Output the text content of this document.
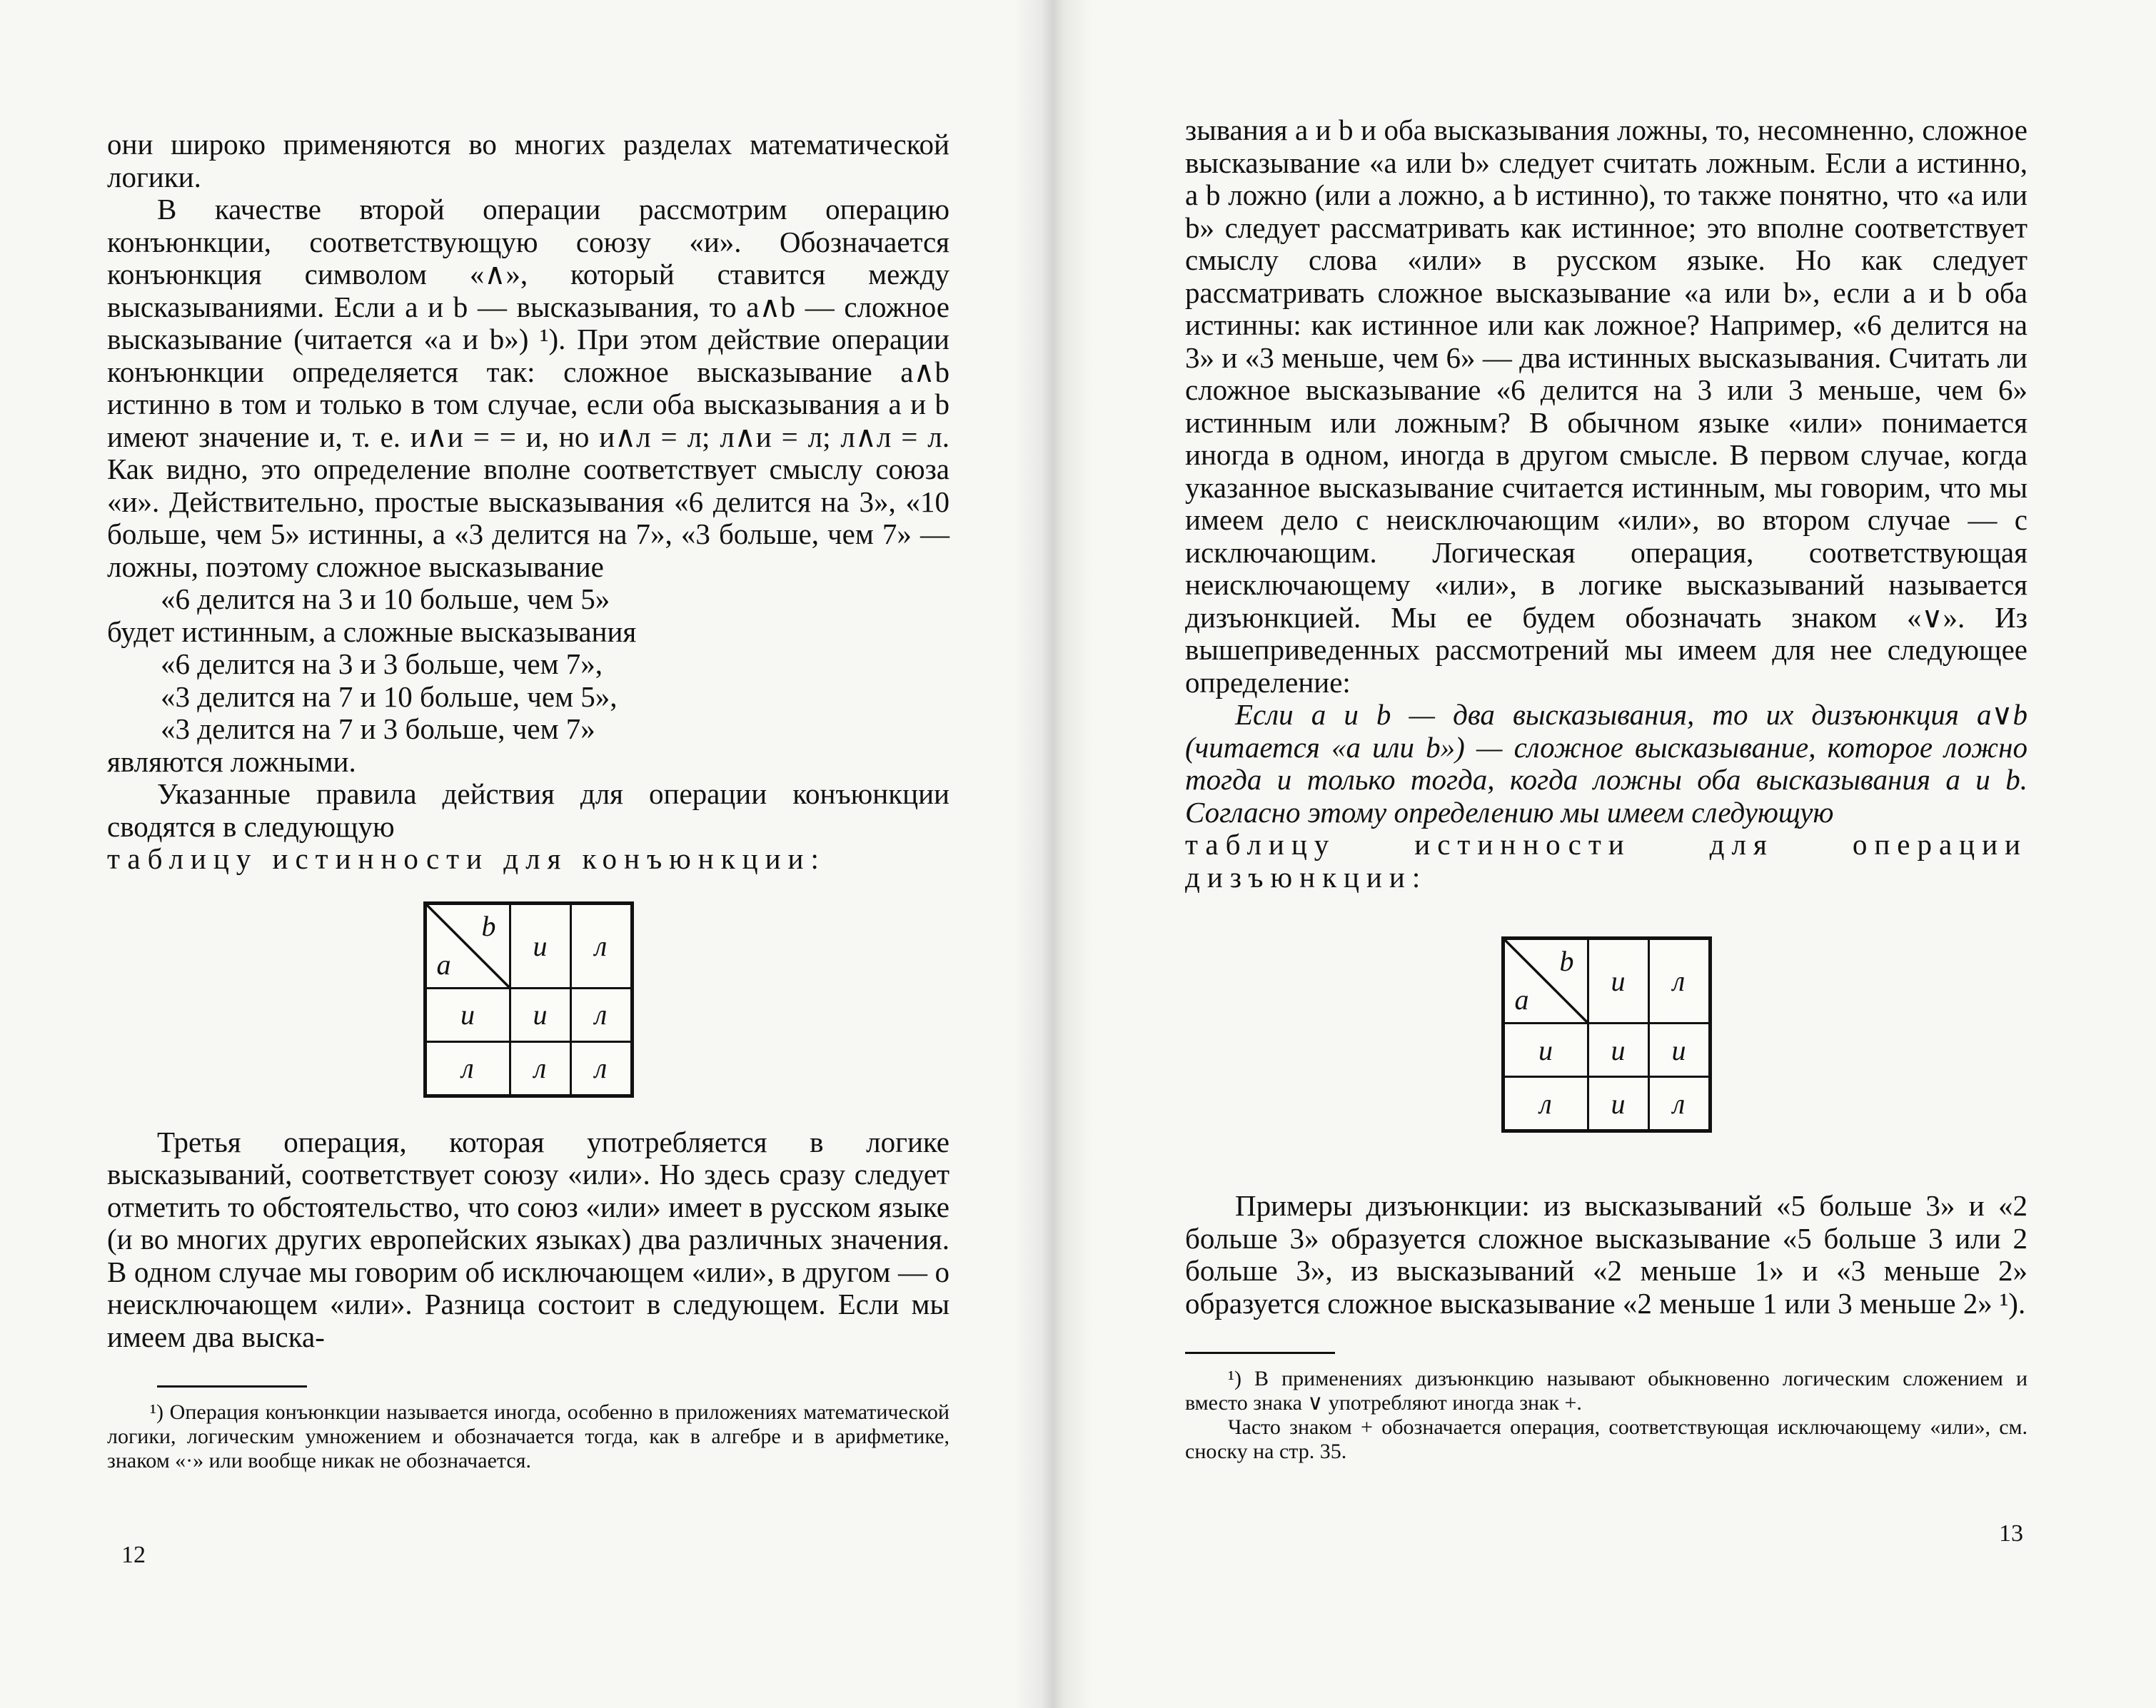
они широко применяются во многих разделах математической логики.

В качестве второй операции рассмотрим операцию конъюнкции, соответствующую союзу «и». Обозначается конъюнкция символом «∧», который ставится между высказываниями. Если a и b — высказывания, то a∧b — сложное высказывание (читается «a и b») ¹). При этом действие операции конъюнкции определяется так: сложное высказывание a∧b истинно в том и только в том случае, если оба высказывания a и b имеют значение и, т. е. и∧и = = и, но и∧л = л; л∧и = л; л∧л = л. Как видно, это определение вполне соответствует смыслу союза «и». Действительно, простые высказывания «6 делится на 3», «10 больше, чем 5» истинны, а «3 делится на 7», «3 больше, чем 7» — ложны, поэтому сложное высказывание

«6 делится на 3 и 10 больше, чем 5»

будет истинным, а сложные высказывания

«6 делится на 3 и 3 больше, чем 7»,

«3 делится на 7 и 10 больше, чем 5»,

«3 делится на 7 и 3 больше, чем 7»

являются ложными.

Указанные правила действия для операции конъюнкции сводятся в следующую

таблицу истинности для конъюнкции:

b
a	и	л
и	и	л
л	л	л

Третья операция, которая употребляется в логике высказываний, соответствует союзу «или». Но здесь сразу следует отметить то обстоятельство, что союз «или» имеет в русском языке (и во многих других европейских языках) два различных значения. В одном случае мы говорим об исключающем «или», в другом — о неисключающем «или». Разница состоит в следующем. Если мы имеем два выска-

¹) Операция конъюнкции называется иногда, особенно в приложениях математической логики, логическим умножением и обозначается тогда, как в алгебре и в арифметике, знаком «·» или вообще никак не обозначается.

12

зывания a и b и оба высказывания ложны, то, несомненно, сложное высказывание «a или b» следует считать ложным. Если a истинно, а b ложно (или a ложно, а b истинно), то также понятно, что «a или b» следует рассматривать как истинное; это вполне соответствует смыслу слова «или» в русском языке. Но как следует рассматривать сложное высказывание «a или b», если a и b оба истинны: как истинное или как ложное? Например, «6 делится на 3» и «3 меньше, чем 6» — два истинных высказывания. Считать ли сложное высказывание «6 делится на 3 или 3 меньше, чем 6» истинным или ложным? В обычном языке «или» понимается иногда в одном, иногда в другом смысле. В первом случае, когда указанное высказывание считается истинным, мы говорим, что мы имеем дело с неисключающим «или», во втором случае — с исключающим. Логическая операция, соответствующая неисключающему «или», в логике высказываний называется дизъюнкцией. Мы ее будем обозначать знаком «∨». Из вышеприведенных рассмотрений мы имеем для нее следующее определение:

Если a и b — два высказывания, то их дизъюнкция a∨b (читается «a или b») — сложное высказывание, которое ложно тогда и только тогда, когда ложны оба высказывания a и b. Согласно этому определению мы имеем следующую

таблицу истинности для операции дизъюнкции:

b
a	и	л
и	и	и
л	и	л

Примеры дизъюнкции: из высказываний «5 больше 3» и «2 больше 3» образуется сложное высказывание «5 больше 3 или 2 больше 3», из высказываний «2 меньше 1» и «3 меньше 2» образуется сложное высказывание «2 меньше 1 или 3 меньше 2» ¹).

¹) В применениях дизъюнкцию называют обыкновенно логическим сложением и вместо знака ∨ употребляют иногда знак +.

Часто знаком + обозначается операция, соответствующая исключающему «или», см. сноску на стр. 35.

13
